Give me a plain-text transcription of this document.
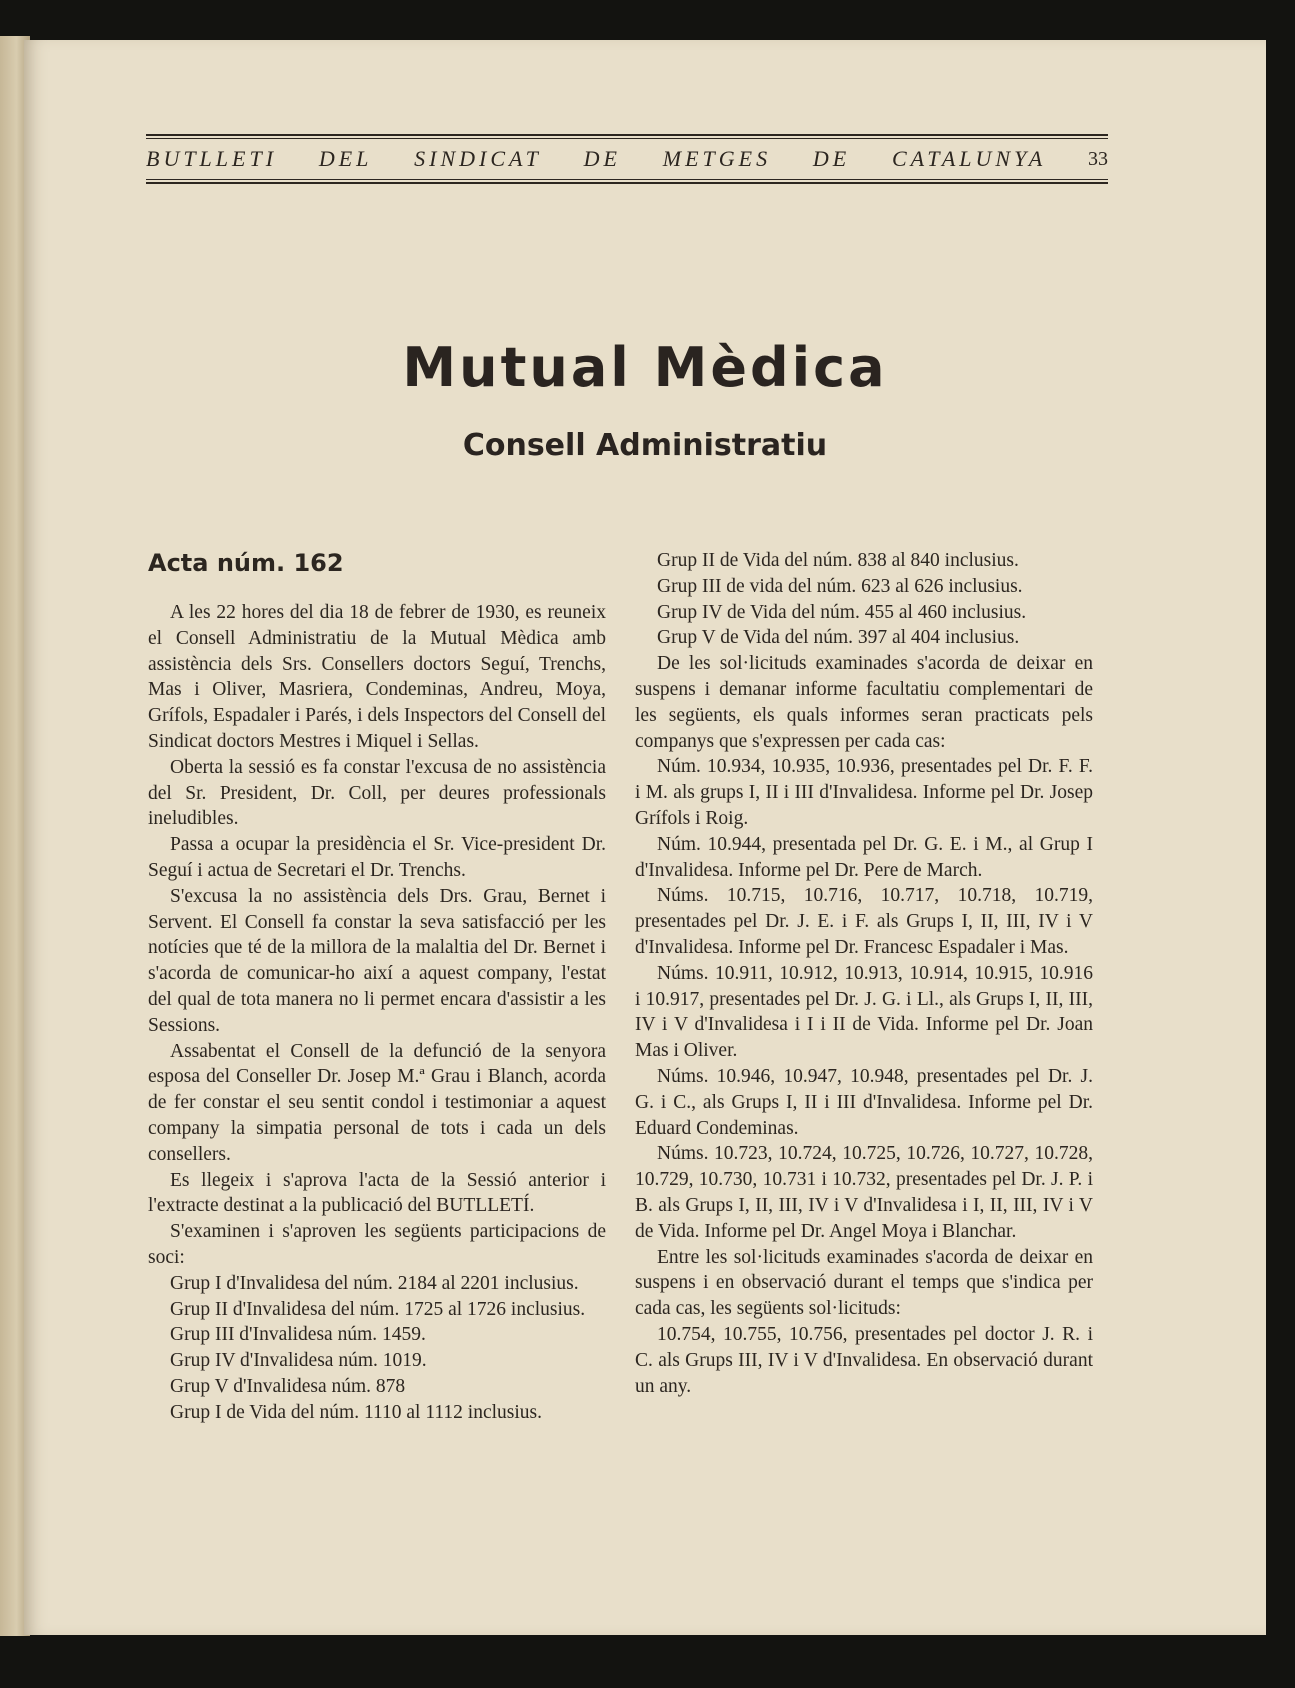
BUTLLETI DEL SINDICAT DE METGES DE CATALUNYA 33
Mutual Mèdica
Consell Administratiu
Acta núm. 162

A les 22 hores del dia 18 de febrer de 1930, es reuneix el Consell Administratiu de la Mutual Mèdica amb assistència dels Srs. Consellers doctors Seguí, Trenchs, Mas i Oliver, Masriera, Condeminas, Andreu, Moya, Grífols, Espadaler i Parés, i dels Inspectors del Consell del Sindicat doctors Mestres i Miquel i Sellas.

Oberta la sessió es fa constar l'excusa de no assistència del Sr. President, Dr. Coll, per deures professionals ineludibles.

Passa a ocupar la presidència el Sr. Vice-president Dr. Seguí i actua de Secretari el Dr. Trenchs.

S'excusa la no assistència dels Drs. Grau, Bernet i Servent. El Consell fa constar la seva satisfacció per les notícies que té de la millora de la malaltia del Dr. Bernet i s'acorda de comunicar-ho així a aquest company, l'estat del qual de tota manera no li permet encara d'assistir a les Sessions.

Assabentat el Consell de la defunció de la senyora esposa del Conseller Dr. Josep M.ª Grau i Blanch, acorda de fer constar el seu sentit condol i testimoniar a aquest company la simpatia personal de tots i cada un dels consellers.

Es llegeix i s'aprova l'acta de la Sessió anterior i l'extracte destinat a la publicació del BUTLLETÍ.

S'examinen i s'aproven les següents participacions de soci:

Grup I d'Invalidesa del núm. 2184 al 2201 inclusius.

Grup II d'Invalidesa del núm. 1725 al 1726 inclusius.

Grup III d'Invalidesa núm. 1459.

Grup IV d'Invalidesa núm. 1019.

Grup V d'Invalidesa núm. 878

Grup I de Vida del núm. 1110 al 1112 inclusius.

Grup II de Vida del núm. 838 al 840 inclusius.

Grup III de vida del núm. 623 al 626 inclusius.

Grup IV de Vida del núm. 455 al 460 inclusius.

Grup V de Vida del núm. 397 al 404 inclusius.

De les sol·licituds examinades s'acorda de deixar en suspens i demanar informe facultatiu complementari de les següents, els quals informes seran practicats pels companys que s'expressen per cada cas:

Núm. 10.934, 10.935, 10.936, presentades pel Dr. F. F. i M. als grups I, II i III d'Invalidesa. Informe pel Dr. Josep Grífols i Roig.

Núm. 10.944, presentada pel Dr. G. E. i M., al Grup I d'Invalidesa. Informe pel Dr. Pere de March.

Núms. 10.715, 10.716, 10.717, 10.718, 10.719, presentades pel Dr. J. E. i F. als Grups I, II, III, IV i V d'Invalidesa. Informe pel Dr. Francesc Espadaler i Mas.

Núms. 10.911, 10.912, 10.913, 10.914, 10.915, 10.916 i 10.917, presentades pel Dr. J. G. i Ll., als Grups I, II, III, IV i V d'Invalidesa i I i II de Vida. Informe pel Dr. Joan Mas i Oliver.

Núms. 10.946, 10.947, 10.948, presentades pel Dr. J. G. i C., als Grups I, II i III d'Invalidesa. Informe pel Dr. Eduard Condeminas.

Núms. 10.723, 10.724, 10.725, 10.726, 10.727, 10.728, 10.729, 10.730, 10.731 i 10.732, presentades pel Dr. J. P. i B. als Grups I, II, III, IV i V d'Invalidesa i I, II, III, IV i V de Vida. Informe pel Dr. Angel Moya i Blanchar.

Entre les sol·licituds examinades s'acorda de deixar en suspens i en observació durant el temps que s'indica per cada cas, les següents sol·licituds:

10.754, 10.755, 10.756, presentades pel doctor J. R. i C. als Grups III, IV i V d'Invalidesa. En observació durant un any.
